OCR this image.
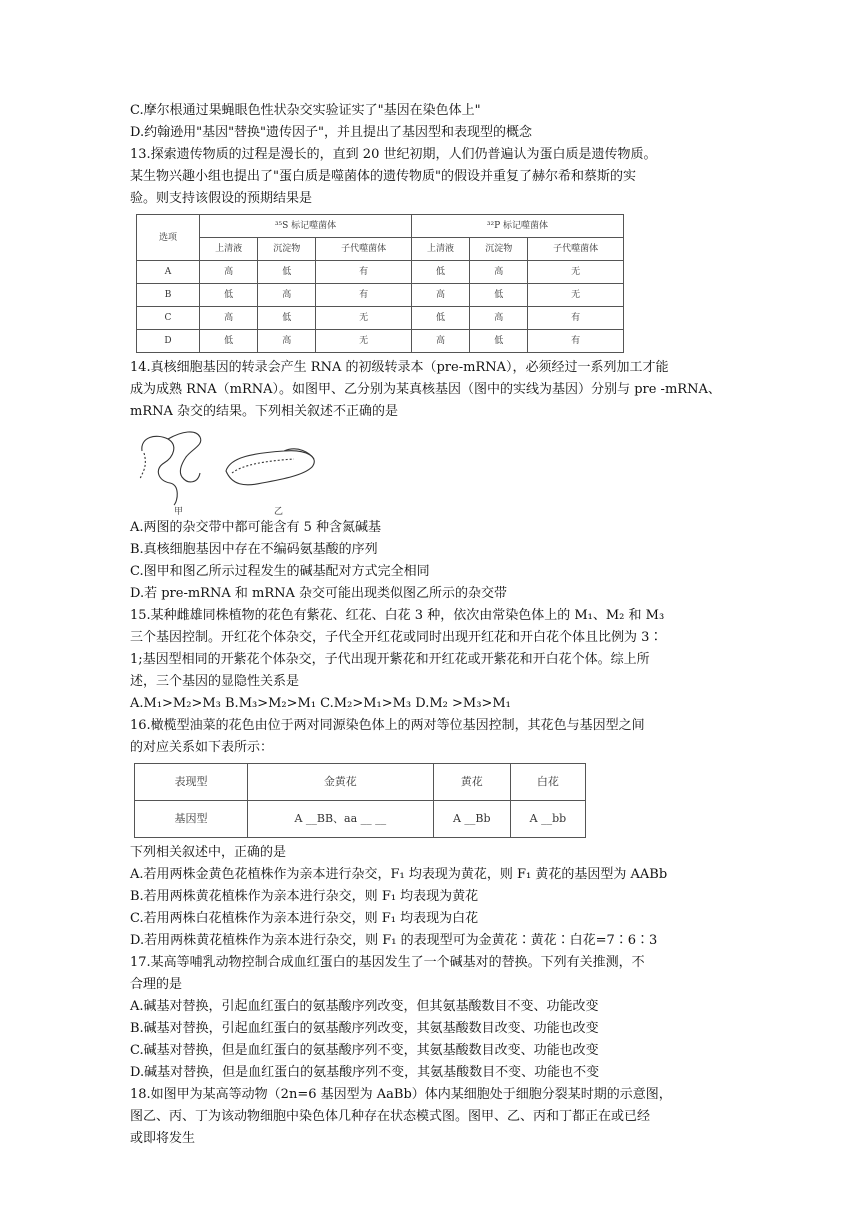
C.摩尔根通过果蝇眼色性状杂交实验证实了"基因在染色体上"
D.约翰逊用"基因"替换"遗传因子"，并且提出了基因型和表现型的概念
13.探索遗传物质的过程是漫长的，直到 20 世纪初期，人们仍普遍认为蛋白质是遗传物质。
某生物兴趣小组也提出了"蛋白质是噬菌体的遗传物质"的假设并重复了赫尔希和蔡斯的实
验。则支持该假设的预期结果是
选项	³⁵S 标记噬菌体			³²P 标记噬菌体		
	上清液	沉淀物	子代噬菌体	上清液	沉淀物	子代噬菌体
A	高	低	有	低	高	无
B	低	高	有	高	低	无
C	高	低	无	低	高	有
D	低	高	无	高	低	有
14.真核细胞基因的转录会产生 RNA 的初级转录本（pre-mRNA），必须经过一系列加工才能
成为成熟 RNA（mRNA）。如图甲、乙分别为某真核基因（图中的实线为基因）分别与 pre -mRNA、
mRNA 杂交的结果。下列相关叙述不正确的是
甲	乙
A.两图的杂交带中都可能含有 5 种含氮碱基
B.真核细胞基因中存在不编码氨基酸的序列
C.图甲和图乙所示过程发生的碱基配对方式完全相同
D.若 pre-mRNA 和 mRNA 杂交可能出现类似图乙所示的杂交带
15.某种雌雄同株植物的花色有紫花、红花、白花 3 种，依次由常染色体上的 M₁、M₂ 和 M₃
三个基因控制。开红花个体杂交，子代全开红花或同时出现开红花和开白花个体且比例为 3∶
1;基因型相同的开紫花个体杂交，子代出现开紫花和开红花或开紫花和开白花个体。综上所
述，三个基因的显隐性关系是
A.M₁>M₂>M₃ B.M₃>M₂>M₁ C.M₂>M₁>M₃ D.M₂ >M₃>M₁
16.橄榄型油菜的花色由位于两对同源染色体上的两对等位基因控制，其花色与基因型之间
的对应关系如下表所示：
表现型	金黄花	黄花	白花
基因型	A __BB、aa __ __	A __Bb	A __bb
下列相关叙述中，正确的是
A.若用两株金黄色花植株作为亲本进行杂交，F₁ 均表现为黄花，则 F₁ 黄花的基因型为 AABb
B.若用两株黄花植株作为亲本进行杂交，则 F₁ 均表现为黄花
C.若用两株白花植株作为亲本进行杂交，则 F₁ 均表现为白花
D.若用两株黄花植株作为亲本进行杂交，则 F₁ 的表现型可为金黄花∶黄花∶白花=7∶6∶3
17.某高等哺乳动物控制合成血红蛋白的基因发生了一个碱基对的替换。下列有关推测，不
合理的是
A.碱基对替换，引起血红蛋白的氨基酸序列改变，但其氨基酸数目不变、功能改变
B.碱基对替换，引起血红蛋白的氨基酸序列改变，其氨基酸数目改变、功能也改变
C.碱基对替换，但是血红蛋白的氨基酸序列不变，其氨基酸数目改变、功能也改变
D.碱基对替换，但是血红蛋白的氨基酸序列不变，其氨基酸数目不变、功能也不变
18.如图甲为某高等动物（2n=6 基因型为 AaBb）体内某细胞处于细胞分裂某时期的示意图，
图乙、丙、丁为该动物细胞中染色体几种存在状态模式图。图甲、乙、丙和丁都正在或已经
或即将发生
